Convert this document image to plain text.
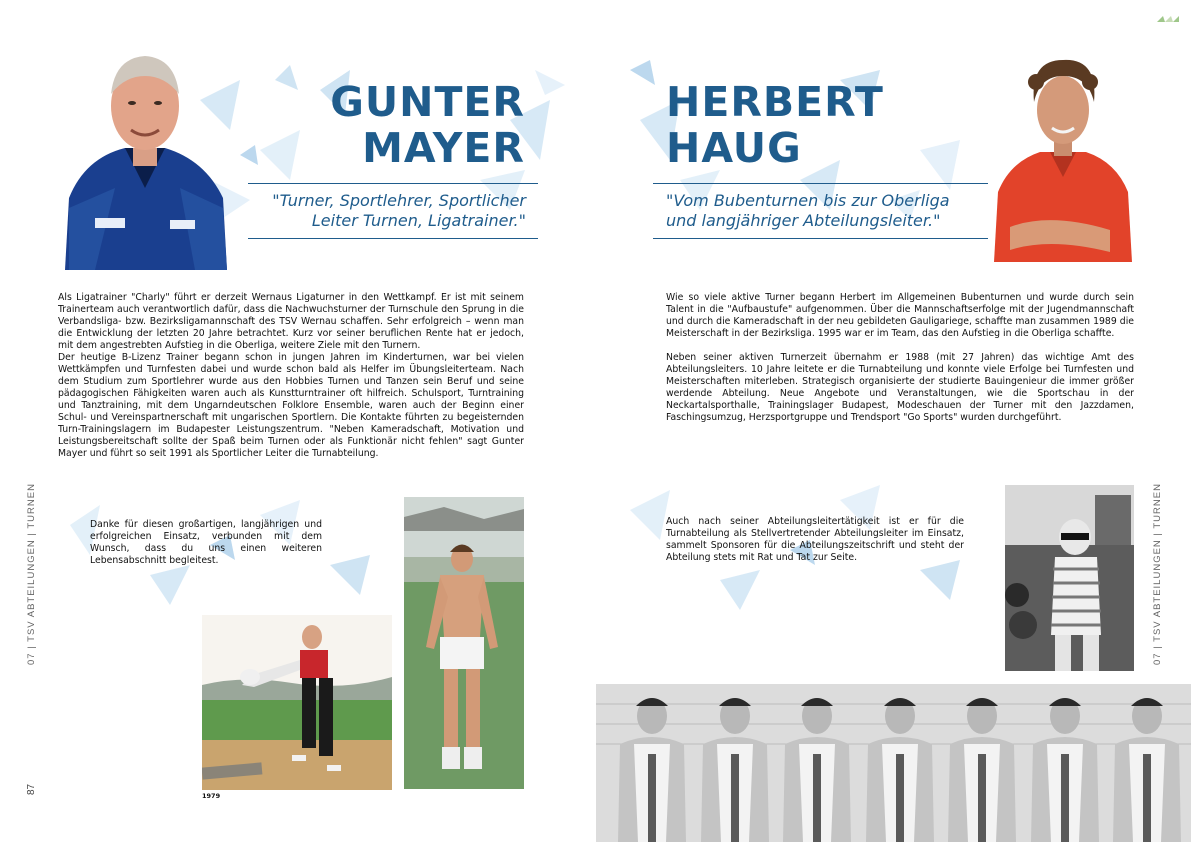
GUNTER
MAYER
"Turner, Sportlehrer, Sportlicher
Leiter Turnen, Ligatrainer."

Als Ligatrainer "Charly" führt er derzeit Wernaus Ligaturner in den Wettkampf. Er ist mit seinem Trainerteam auch verantwortlich dafür, dass die Nachwuchsturner der Turnschule den Sprung in die Verbandsliga- bzw. Bezirksligamannschaft des TSV Wernau schaffen. Sehr erfolgreich – wenn man die Entwicklung der letzten 20 Jahre betrachtet. Kurz vor seiner beruflichen Rente hat er jedoch, mit dem angestrebten Aufstieg in die Oberliga, weitere Ziele mit den Turnern.

Der heutige B-Lizenz Trainer begann schon in jungen Jahren im Kinderturnen, war bei vielen Wettkämpfen und Turnfesten dabei und wurde schon bald als Helfer im Übungsleiterteam. Nach dem Studium zum Sportlehrer wurde aus den Hobbies Turnen und Tanzen sein Beruf und seine pädagogischen Fähigkeiten waren auch als Kunstturntrainer oft hilfreich. Schulsport, Turntraining und Tanztraining, mit dem Ungarndeutschen Folklore Ensemble, waren auch der Beginn einer Schul- und Vereinspartnerschaft mit ungarischen Sportlern. Die Kontakte führten zu begeisternden Turn-Trainingslagern im Budapester Leistungszentrum. "Neben Kameradschaft, Motivation und Leistungsbereitschaft sollte der Spaß beim Turnen oder als Funktionär nicht fehlen" sagt Gunter Mayer und führt so seit 1991 als Sportlicher Leiter die Turnabteilung.

Danke für diesen großartigen, langjährigen und erfolgreichen Einsatz, verbunden mit dem Wunsch, dass du uns einen weiteren Lebensabschnitt begleitest.
1979
07 | TSV ABTEILUNGEN | TURNEN
87
HERBERT
HAUG
"Vom Bubenturnen bis zur Oberliga
und langjähriger Abteilungsleiter."

Wie so viele aktive Turner begann Herbert im Allgemeinen Bubenturnen und wurde durch sein Talent in die "Aufbaustufe" aufgenommen. Über die Mannschaftserfolge mit der Jugendmannschaft und durch die Kameradschaft in der neu gebildeten Gauligariege, schaffte man zusammen 1989 die Meisterschaft in der Bezirksliga. 1995 war er im Team, das den Aufstieg in die Oberliga schaffte.

Neben seiner aktiven Turnerzeit übernahm er 1988 (mit 27 Jahren) das wichtige Amt des Abteilungsleiters. 10 Jahre leitete er die Turnabteilung und konnte viele Erfolge bei Turnfesten und Meisterschaften miterleben. Strategisch organisierte der studierte Bauingenieur die immer größer werdende Abteilung. Neue Angebote und Veranstaltungen, wie die Sportschau in der Neckartalsporthalle, Trainingslager Budapest, Modeschauen der Turner mit den Jazzdamen, Faschingsumzug, Herzsportgruppe und Trendsport "Go Sports" wurden durchgeführt.

Auch nach seiner Abteilungsleitertätigkeit ist er für die Turnabteilung als Stellvertretender Abteilungsleiter im Einsatz, sammelt Sponsoren für die Abteilungszeitschrift und steht der Abteilung stets mit Rat und Tat zur Seite.	07 | TSV ABTEILUNGEN | TURNEN
